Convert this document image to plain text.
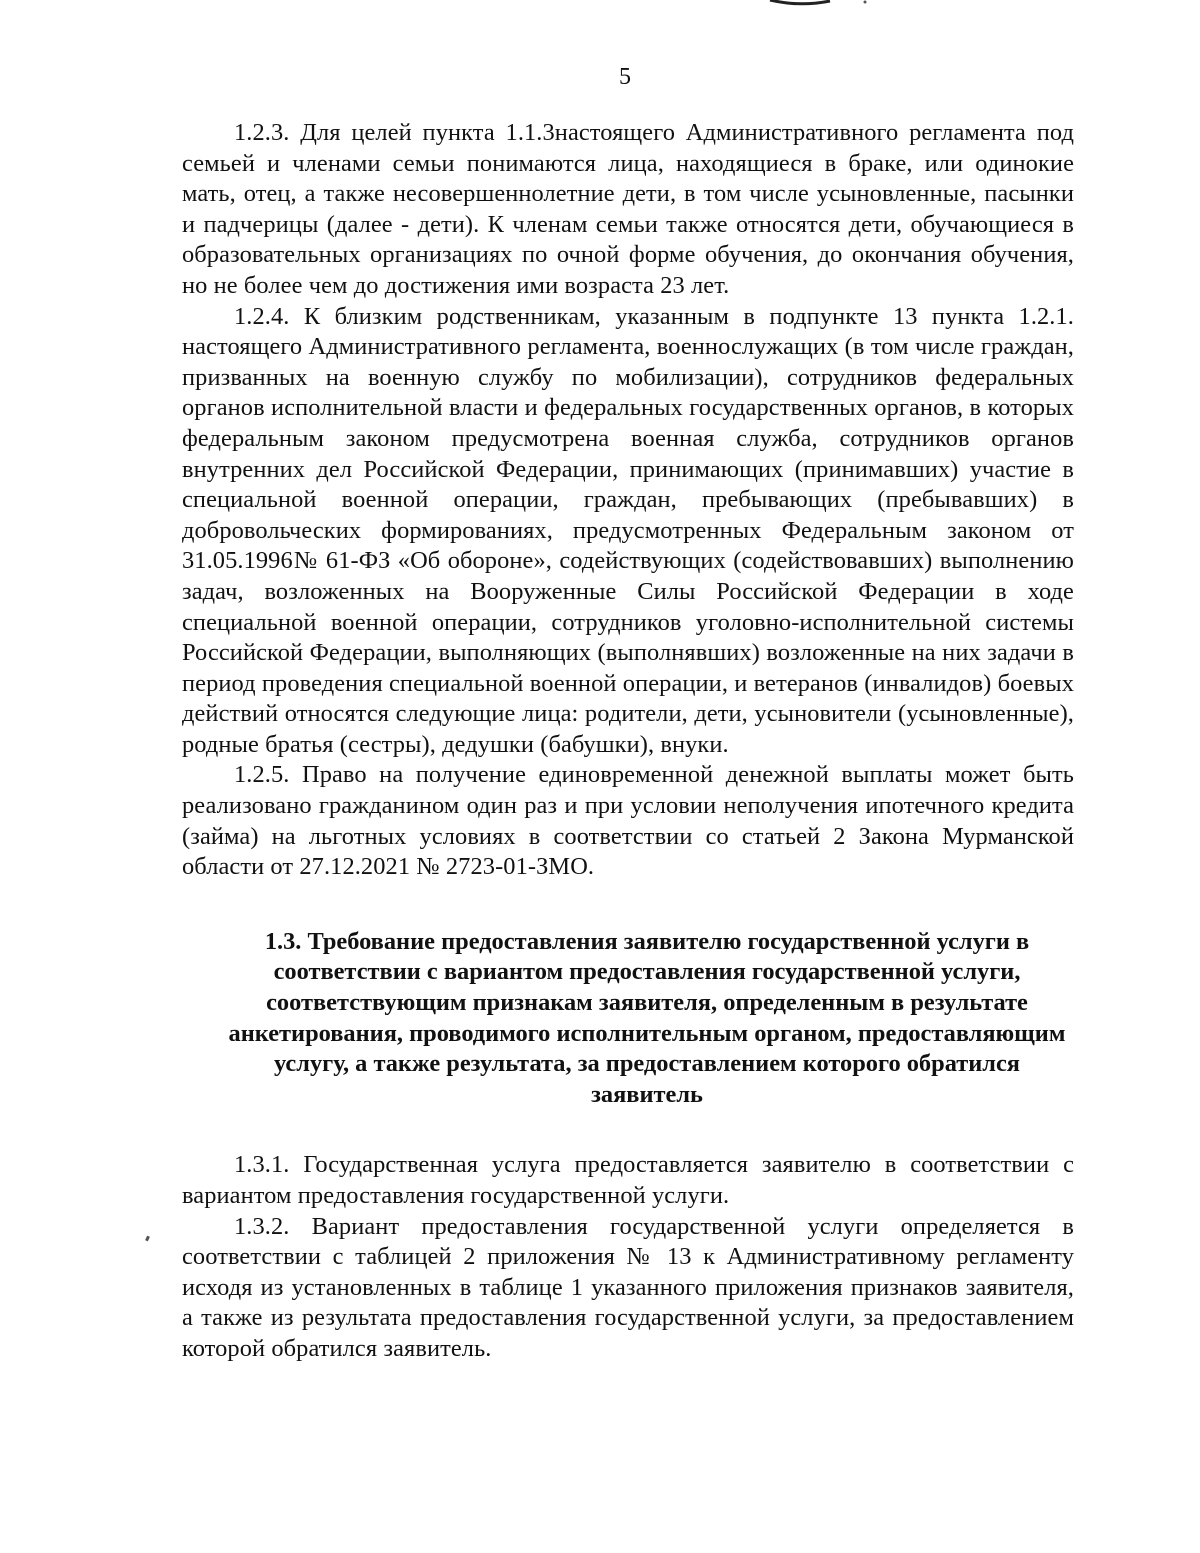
5

1.2.3. Для целей пункта 1.1.3настоящего Административного регламента под семьей и членами семьи понимаются лица, находящиеся в браке, или одинокие мать, отец, а также несовершеннолетние дети, в том числе усыновленные, пасынки и падчерицы (далее - дети). К членам семьи также относятся дети, обучающиеся в образовательных организациях по очной форме обучения, до окончания обучения, но не более чем до достижения ими возраста 23 лет.

1.2.4. К близким родственникам, указанным в подпункте 13 пункта 1.2.1. настоящего Административного регламента, военнослужащих (в том числе граждан, призванных на военную службу по мобилизации), сотрудников федеральных органов исполнительной власти и федеральных государственных органов, в которых федеральным законом предусмотрена военная служба, сотрудников органов внутренних дел Российской Федерации, принимающих (принимавших) участие в специальной военной операции, граждан, пребывающих (пребывавших) в добровольческих формированиях, предусмотренных Федеральным законом от 31.05.1996№ 61-ФЗ «Об обороне», содействующих (содействовавших) выполнению задач, возложенных на Вооруженные Силы Российской Федерации в ходе специальной военной операции, сотрудников уголовно-исполнительной системы Российской Федерации, выполняющих (выполнявших) возложенные на них задачи в период проведения специальной военной операции, и ветеранов (инвалидов) боевых действий относятся следующие лица: родители, дети, усыновители (усыновленные), родные братья (сестры), дедушки (бабушки), внуки.

1.2.5. Право на получение единовременной денежной выплаты может быть реализовано гражданином один раз и при условии неполучения ипотечного кредита (займа) на льготных условиях в соответствии со статьей 2 Закона Мурманской области от 27.12.2021 № 2723-01-ЗМО.

1.3. Требование предоставления заявителю государственной услуги в соответствии с вариантом предоставления государственной услуги, соответствующим признакам заявителя, определенным в результате анкетирования, проводимого исполнительным органом, предоставляющим услугу, а также результата, за предоставлением которого обратился заявитель

1.3.1. Государственная услуга предоставляется заявителю в соответствии с вариантом предоставления государственной услуги.

1.3.2. Вариант предоставления государственной услуги определяется в соответствии с таблицей 2 приложения № 13 к Административному регламенту исходя из установленных в таблице 1 указанного приложения признаков заявителя, а также из результата предоставления государственной услуги, за предоставлением которой обратился заявитель.
